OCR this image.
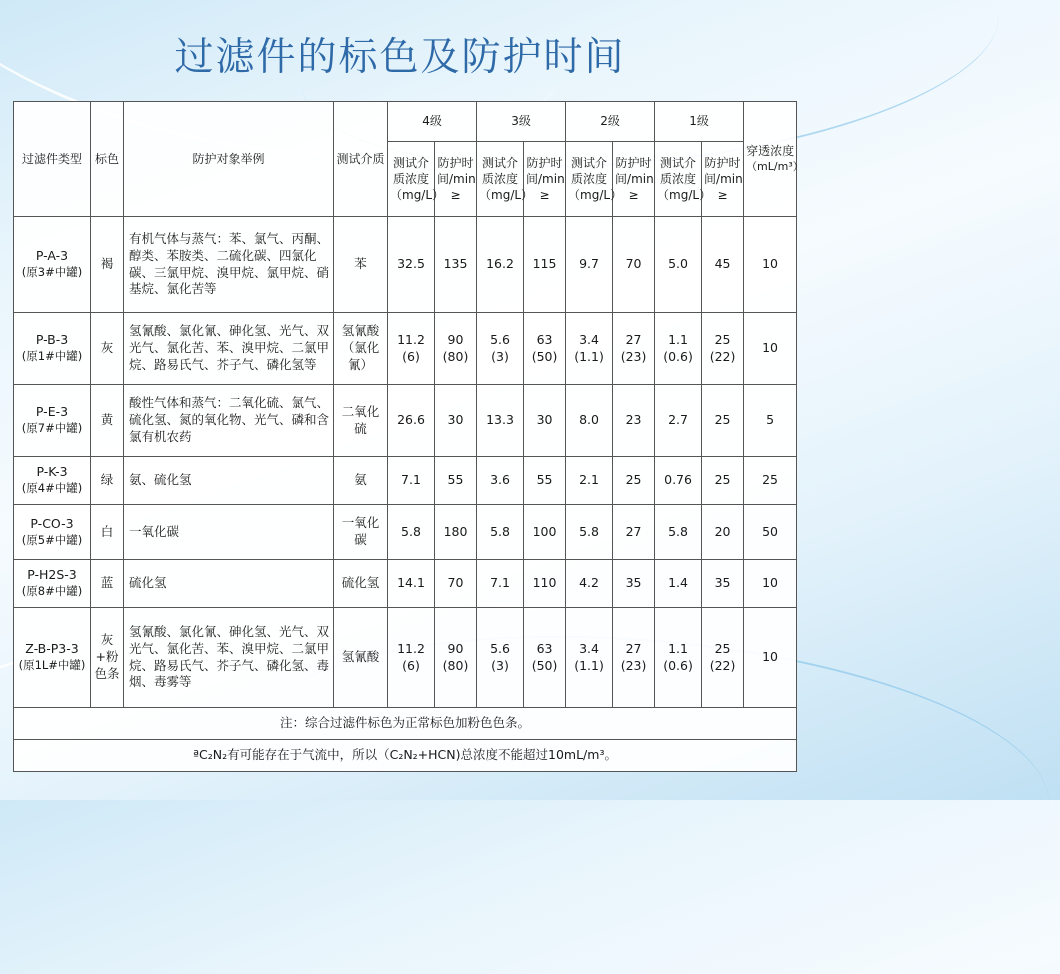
过滤件的标色及防护时间
过滤件类型	标色	防护对象举例	测试介质	4级		3级		2级		1级		穿透浓度
（mL/m³）

				测试介质浓度（mg/L）	防护时间/min ≥	测试介质浓度（mg/L）	防护时间/min ≥	测试介质浓度（mg/L）	防护时间/min ≥	测试介质浓度（mg/L）	防护时间/min ≥	

P-A-3
(原3#中罐)	褐	有机气体与蒸气：苯、氯气、丙酮、醇类、苯胺类、二硫化碳、四氯化碳、三氯甲烷、溴甲烷、氯甲烷、硝基烷、氯化苦等	苯	32.5	135	16.2	115	9.7	70	5.0	45	10

P-B-3
(原1#中罐)	灰	氢氰酸、氯化氰、砷化氢、光气、双光气、氯化苦、苯、溴甲烷、二氯甲烷、路易氏气、芥子气、磷化氢等	氢氰酸（氯化氰）	11.2
(6)	90
(80)	5.6
(3)	63
(50)	3.4
(1.1)	27
(23)	1.1
(0.6)	25
(22)	10

P-E-3
(原7#中罐)	黄	酸性气体和蒸气：二氧化硫、氯气、硫化氢、氮的氧化物、光气、磷和含氯有机农药	二氧化硫	26.6	30	13.3	30	8.0	23	2.7	25	5

P-K-3
(原4#中罐)	绿	氨、硫化氢	氨	7.1	55	3.6	55	2.1	25	0.76	25	25

P-CO-3
(原5#中罐)	白	一氧化碳	一氧化碳	5.8	180	5.8	100	5.8	27	5.8	20	50

P-H2S-3
(原8#中罐)	蓝	硫化氢	硫化氢	14.1	70	7.1	110	4.2	35	1.4	35	10

Z-B-P3-3
(原1L#中罐)	灰+粉色条	氢氰酸、氯化氰、砷化氢、光气、双光气、氯化苦、苯、溴甲烷、二氯甲烷、路易氏气、芥子气、磷化氢、毒烟、毒雾等	氢氰酸	11.2
(6)	90
(80)	5.6
(3)	63
(50)	3.4
(1.1)	27
(23)	1.1
(0.6)	25
(22)	10
注：综合过滤件标色为正常标色加粉色色条。												
ªC₂N₂有可能存在于气流中，所以（C₂N₂+HCN)总浓度不能超过10mL/m³。												
